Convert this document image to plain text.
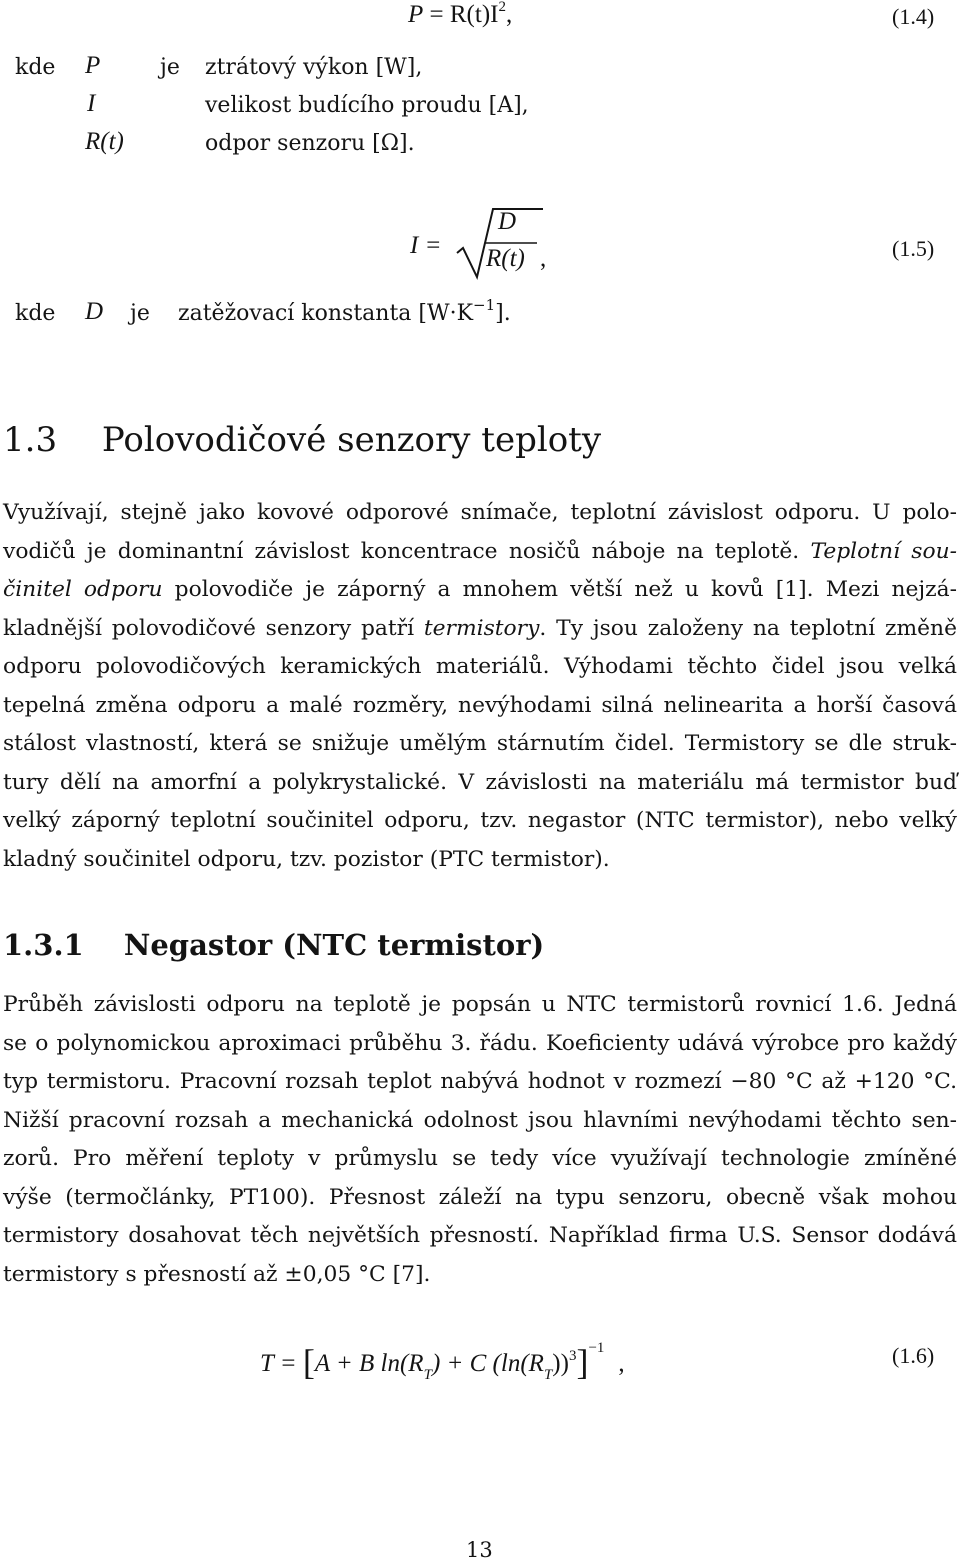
$P = R(t)I^2$,	(1.4)
kde P	je ztrátový výkon [W],
I	velikost budícího proudu [A],
R(t)	odpor senzoru [Ω].
I =
D
R(t) ,	(1.5)
kde D je zatěžovací konstanta $[W\cdot K^{-1}]$.
1.3 Polovodičové senzory teploty
Využívají, stejně jako kovové odporové snímače, teplotní závislost odporu. U polo-
vodičů je dominantní závislost koncentrace nosičů náboje na teplotě. Teplotní sou-
činitel odporu polovodiče je záporný a mnohem větší než u kovů [1]. Mezi nejzá-
kladnější polovodičové senzory patří termistory. Ty jsou založeny na teplotní změně
odporu polovodičových keramických materiálů. Výhodami těchto čidel jsou velká
tepelná změna odporu a malé rozměry, nevýhodami silná nelinearita a horší časová
stálost vlastností, která se snižuje umělým stárnutím čidel. Termistory se dle struk-
tury dělí na amorfní a polykrystalické. V závislosti na materiálu má termistor buď
velký záporný teplotní součinitel odporu, tzv. negastor (NTC termistor), nebo velký
kladný součinitel odporu, tzv. pozistor (PTC termistor).
1.3.1 Negastor (NTC termistor)
Průběh závislosti odporu na teplotě je popsán u NTC termistorů rovnicí 1.6. Jedná
se o polynomickou aproximaci průběhu 3. řádu. Koeficienty udává výrobce pro každý
typ termistoru. Pracovní rozsah teplot nabývá hodnot v rozmezí −80 °C až +120 °C.
Nižší pracovní rozsah a mechanická odolnost jsou hlavními nevýhodami těchto sen-
zorů. Pro měření teploty v průmyslu se tedy více využívají technologie zmíněné
výše (termočlánky, PT100). Přesnost záleží na typu senzoru, obecně však mohou
termistory dosahovat těch největších přesností. Například firma U.S. Sensor dodává
termistory s přesností až ±0,05 °C [7].
T = [A + B $\ln(R_T) + C$ $(\ln(R_T))^3]^{-1}$,	(1.6)
13
